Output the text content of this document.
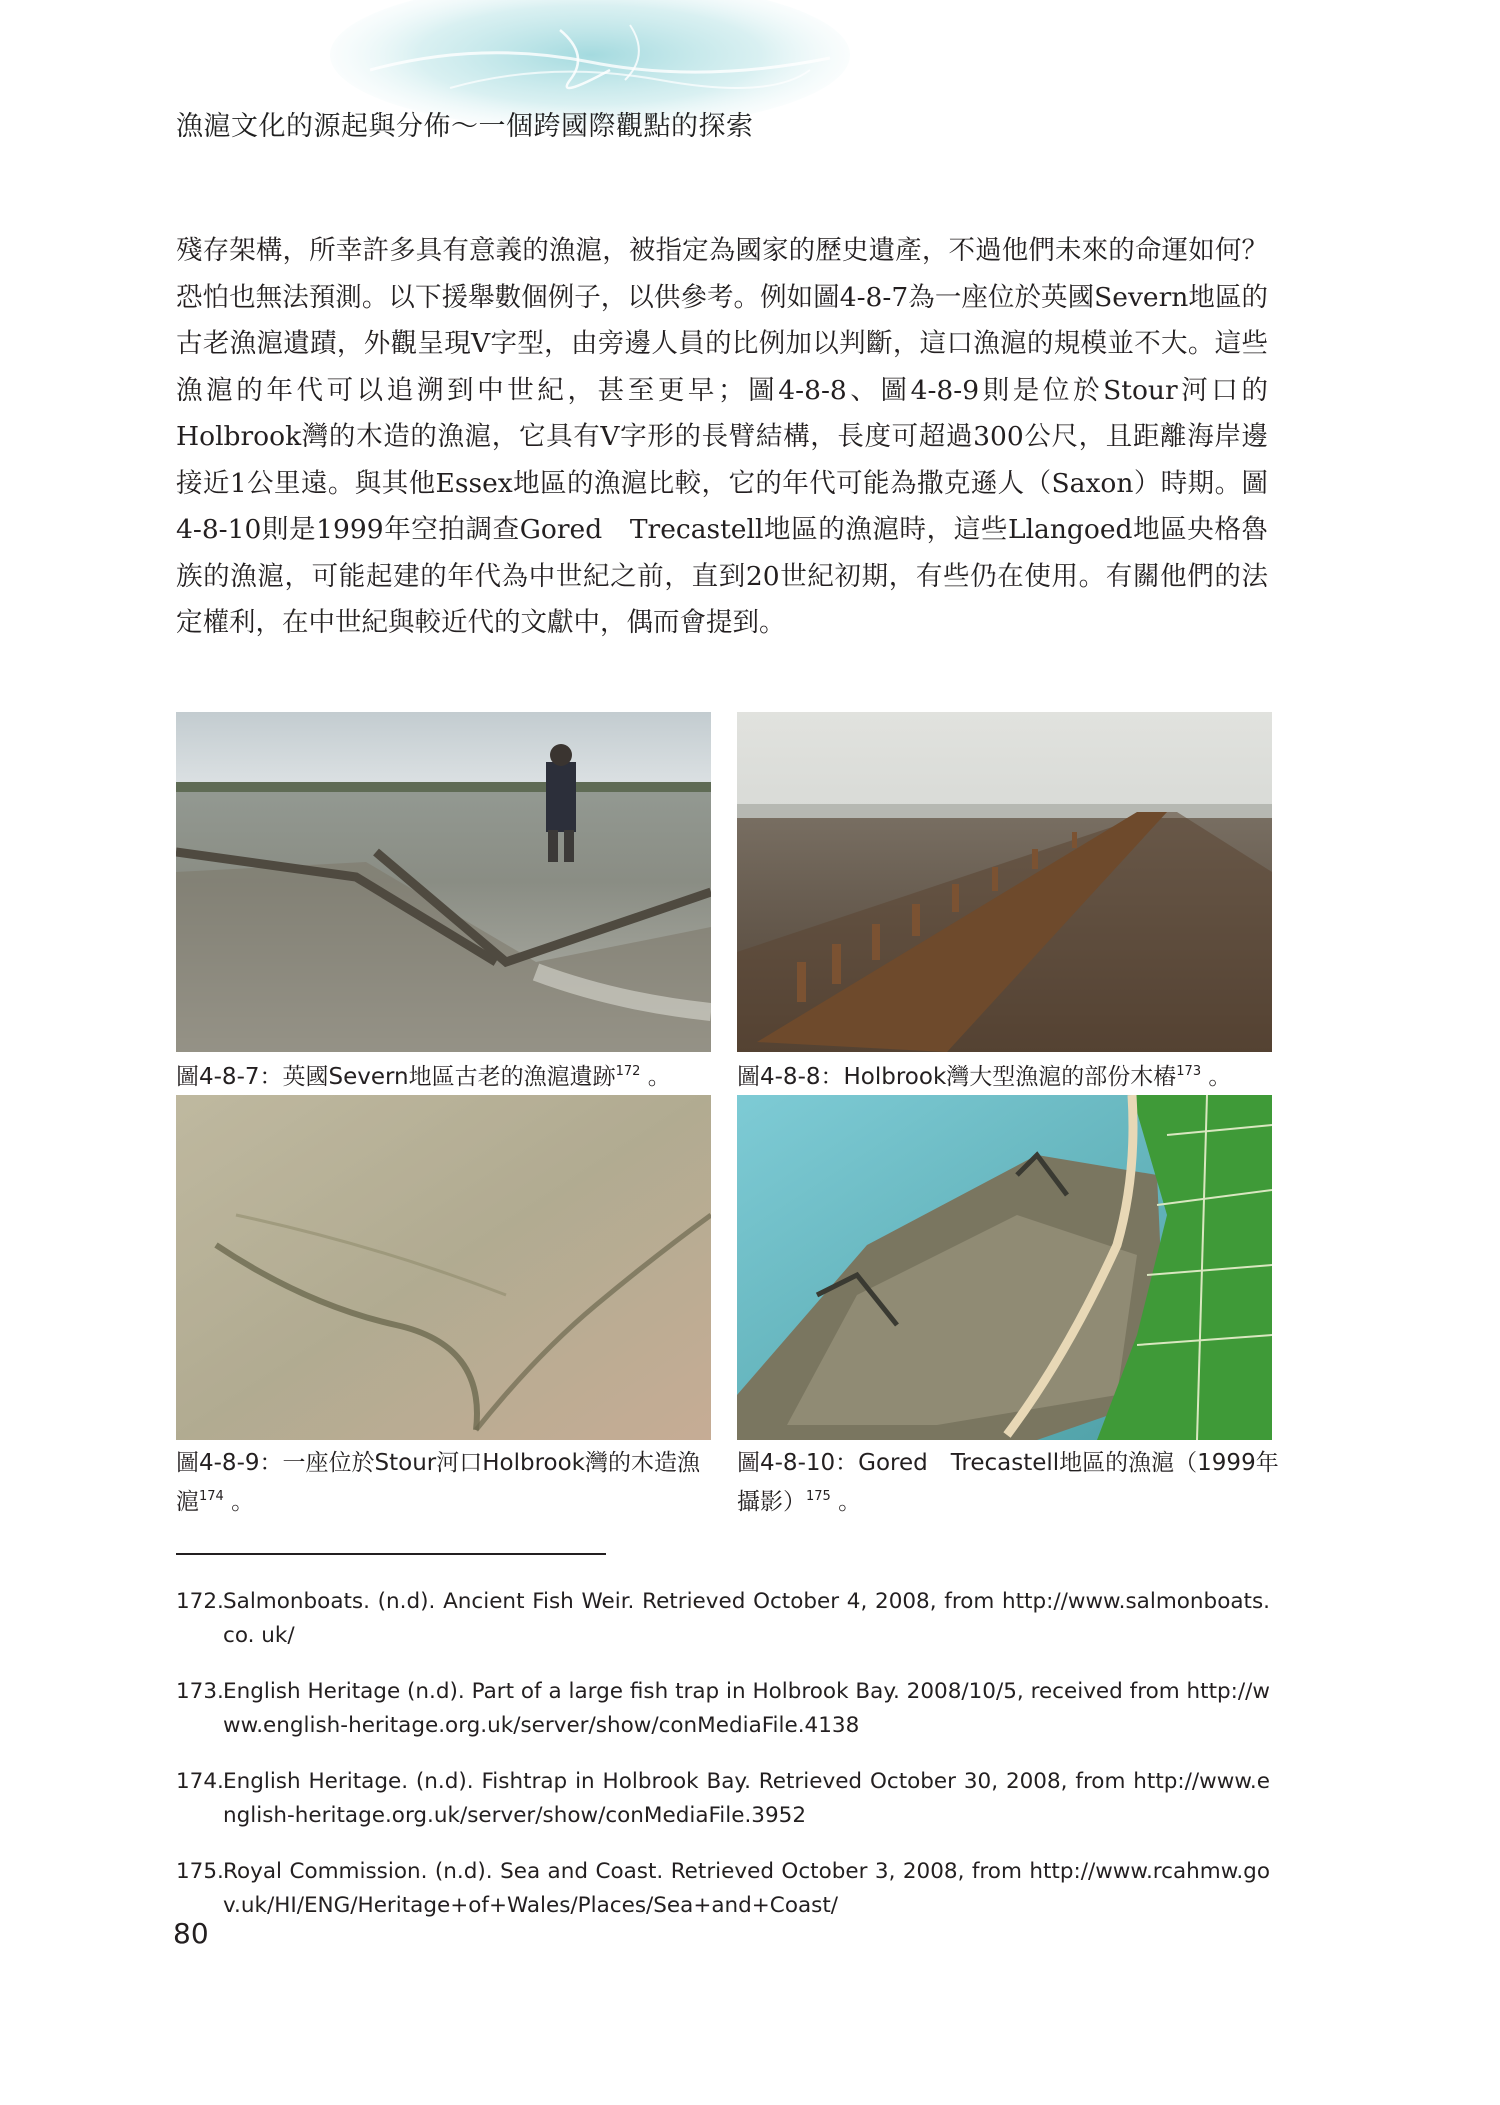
漁滬文化的源起與分佈～一個跨國際觀點的探索

殘存架構，所幸許多具有意義的漁滬，被指定為國家的歷史遺產，不過他們未來的命運如何？恐怕也無法預測。以下援舉數個例子，以供參考。例如圖4-8-7為一座位於英國Severn地區的古老漁滬遺蹟，外觀呈現V字型，由旁邊人員的比例加以判斷，這口漁滬的規模並不大。這些漁滬的年代可以追溯到中世紀，甚至更早；圖4-8-8、圖4-8-9則是位於Stour河口的Holbrook灣的木造的漁滬，它具有V字形的長臂結構，長度可超過300公尺，且距離海岸邊接近1公里遠。與其他Essex地區的漁滬比較，它的年代可能為撒克遜人（Saxon）時期。圖4-8-10則是1999年空拍調查Gored　Trecastell地區的漁滬時，這些Llangoed地區央格魯族的漁滬，可能起建的年代為中世紀之前，直到20世紀初期，有些仍在使用。有關他們的法定權利，在中世紀與較近代的文獻中，偶而會提到。

圖4-8-7：英國Severn地區古老的漁滬遺跡$^{172}$ 。	圖4-8-8：Holbrook灣大型漁滬的部份木樁$^{173}$ 。
圖4-8-9：一座位於Stour河口Holbrook灣的木造漁滬$^{174}$ 。
圖4-8-10：Gored　Trecastell地區的漁滬（1999年攝影）$^{175}$ 。
172. Salmonboats. (n.d). Ancient Fish Weir. Retrieved October 4, 2008, from http://www.salmonboats.co. uk/
173. English Heritage (n.d). Part of a large fish trap in Holbrook Bay. 2008/10/5, received from http://www.english-heritage.org.uk/server/show/conMediaFile.4138
174. English Heritage. (n.d). Fishtrap in Holbrook Bay. Retrieved October 30, 2008, from http://www.english-heritage.org.uk/server/show/conMediaFile.3952
175. Royal Commission. (n.d). Sea and Coast. Retrieved October 3, 2008, from http://www.rcahmw.gov.uk/HI/ENG/Heritage+of+Wales/Places/Sea+and+Coast/
80
